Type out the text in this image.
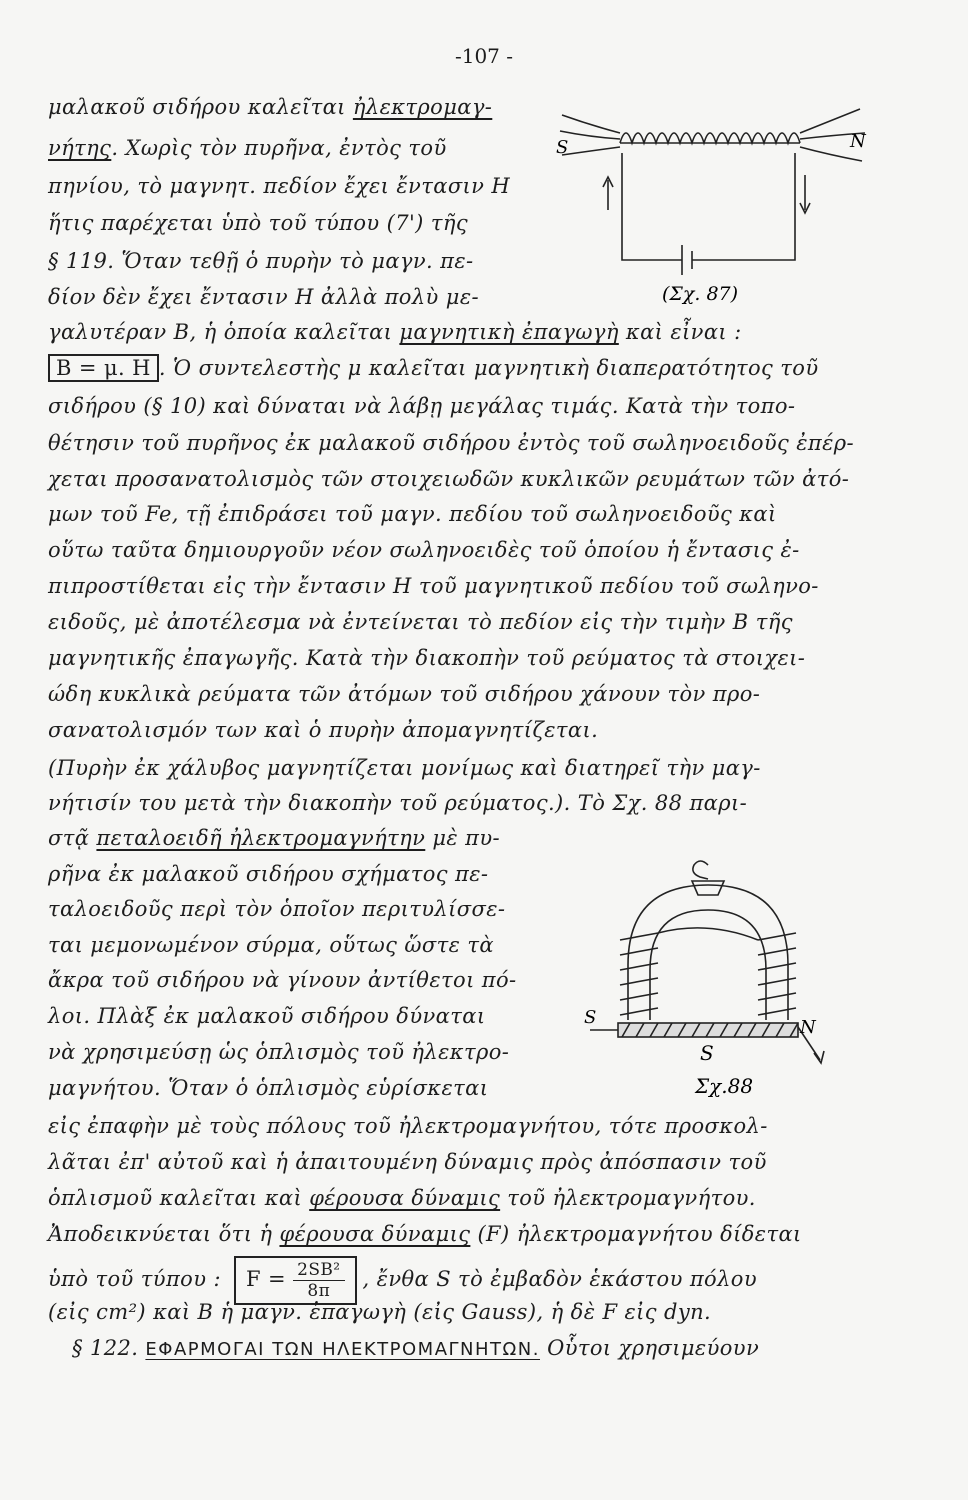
-107 -
μαλακοῦ σιδήρου καλεῖται ἠλεκτρομαγ-
νήτης. Χωρὶς τὸν πυρῆνα, ἐντὸς τοῦ
πηνίου, τὸ μαγνητ. πεδίον ἔχει ἔντασιν Η
ἥτις παρέχεται ὑπὸ τοῦ τύπου (7') τῆς
§ 119. Ὅταν τεθῇ ὁ πυρὴν τὸ μαγν. πε-
δίον δὲν ἔχει ἔντασιν Η ἀλλὰ πολὺ με-
γαλυτέραν Β, ἡ ὁποία καλεῖται μαγνητικὴ ἐπαγωγὴ καὶ εἶναι :
Β = μ. Η . Ὁ συντελεστὴς μ καλεῖται μαγνητικὴ διαπερατότητος τοῦ
σιδήρου (§ 10) καὶ δύναται νὰ λάβῃ μεγάλας τιμάς. Κατὰ τὴν τοπο-
θέτησιν τοῦ πυρῆνος ἐκ μαλακοῦ σιδήρου ἐντὸς τοῦ σωληνοειδοῦς ἐπέρ-
χεται προσανατολισμὸς τῶν στοιχειωδῶν κυκλικῶν ρευμάτων τῶν ἀτό-
μων τοῦ Fe, τῇ ἐπιδράσει τοῦ μαγν. πεδίου τοῦ σωληνοειδοῦς καὶ
οὕτω ταῦτα δημιουργοῦν νέον σωληνοειδὲς τοῦ ὁποίου ἡ ἔντασις ἐ-
πιπροστίθεται εἰς τὴν ἔντασιν Η τοῦ μαγνητικοῦ πεδίου τοῦ σωληνο-
ειδοῦς, μὲ ἀποτέλεσμα νὰ ἐντείνεται τὸ πεδίον εἰς τὴν τιμὴν Β τῆς
μαγνητικῆς ἐπαγωγῆς. Κατὰ τὴν διακοπὴν τοῦ ρεύματος τὰ στοιχει-
ώδη κυκλικὰ ρεύματα τῶν ἀτόμων τοῦ σιδήρου χάνουν τὸν προ-
σανατολισμόν των καὶ ὁ πυρὴν ἀπομαγνητίζεται.
(Πυρὴν ἐκ χάλυβος μαγνητίζεται μονίμως καὶ διατηρεῖ τὴν μαγ-
νήτισίν του μετὰ τὴν διακοπὴν τοῦ ρεύματος.). Τὸ Σχ. 88 παρι-
στᾷ πεταλοειδῆ ἠλεκτρομαγνήτην μὲ πυ-
ρῆνα ἐκ μαλακοῦ σιδήρου σχήματος πε-
ταλοειδοῦς περὶ τὸν ὁποῖον περιτυλίσσε-
ται μεμονωμένον σύρμα, οὕτως ὥστε τὰ
ἄκρα τοῦ σιδήρου νὰ γίνουν ἀντίθετοι πό-
λοι. Πλὰξ ἐκ μαλακοῦ σιδήρου δύναται
νὰ χρησιμεύσῃ ὡς ὁπλισμὸς τοῦ ἠλεκτρο-
μαγνήτου. Ὅταν ὁ ὁπλισμὸς εὑρίσκεται
εἰς ἐπαφὴν μὲ τοὺς πόλους τοῦ ἠλεκτρομαγνήτου, τότε προσκολ-
λᾶται ἐπ' αὐτοῦ καὶ ἡ ἀπαιτουμένη δύναμις πρὸς ἀπόσπασιν τοῦ
ὁπλισμοῦ καλεῖται καὶ φέρουσα δύναμις τοῦ ἠλεκτρομαγνήτου.
Ἀποδεικνύεται ὅτι ἡ φέρουσα δύναμις (F) ἠλεκτρομαγνήτου δίδεται
ὑπὸ τοῦ τύπου : $F = \frac{\text{2SB²}}{8\pi}$ , ἔνθα S τὸ ἐμβαδὸν ἑκάστου πόλου
(εἰς cm²) καὶ Β ἡ μαγν. ἐπαγωγὴ (εἰς Gauss), ἡ δὲ F εἰς dyn.
§ 122. ΕΦΑΡΜΟΓΑΙ ΤΩΝ ΗΛΕΚΤΡΟΜΑΓΝΗΤΩΝ. Οὗτοι χρησιμεύουν
S	N
(Σχ. 87)
S	N
S
Σχ.88
